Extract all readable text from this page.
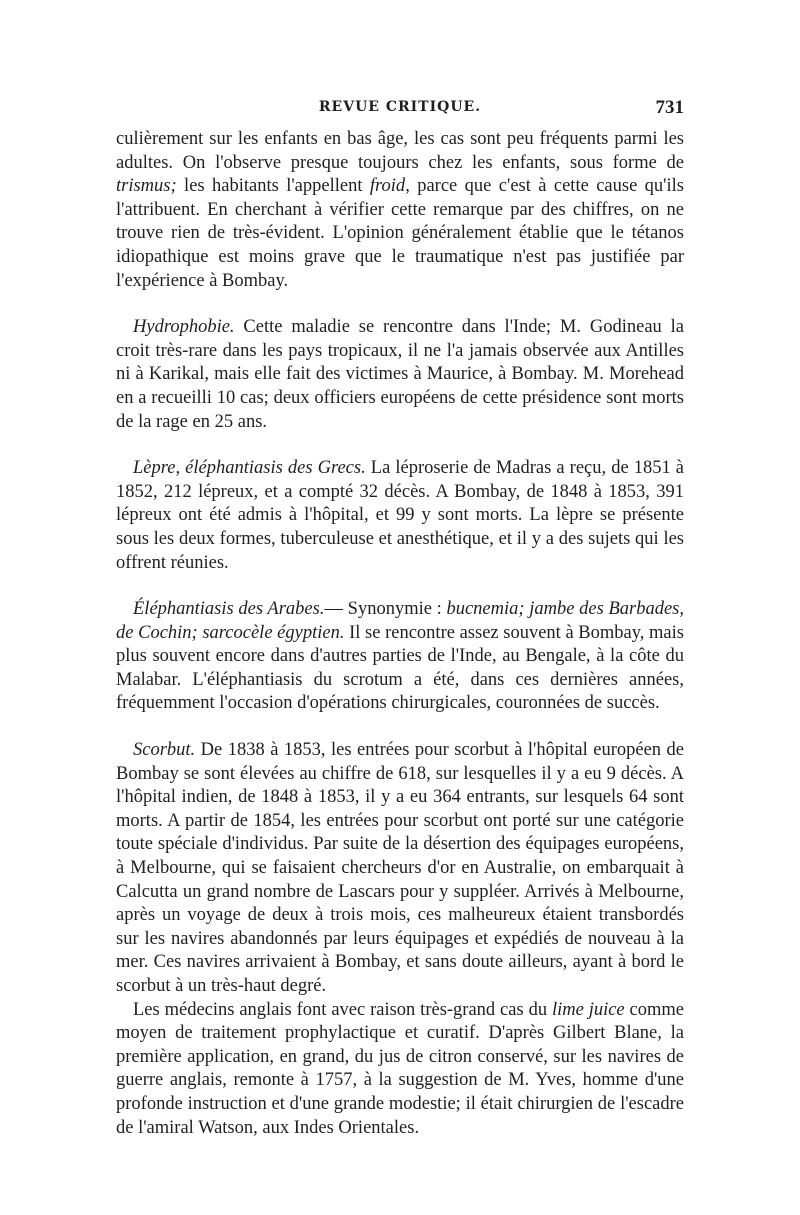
REVUE CRITIQUE.	731

culièrement sur les enfants en bas âge, les cas sont peu fréquents parmi les adultes. On l'observe presque toujours chez les enfants, sous forme de trismus; les habitants l'appellent froid, parce que c'est à cette cause qu'ils l'attribuent. En cherchant à vérifier cette remarque par des chiffres, on ne trouve rien de très-évident. L'opinion généralement établie que le tétanos idiopathique est moins grave que le traumatique n'est pas justifiée par l'expérience à Bombay.

Hydrophobie. Cette maladie se rencontre dans l'Inde; M. Godineau la croit très-rare dans les pays tropicaux, il ne l'a jamais observée aux Antilles ni à Karikal, mais elle fait des victimes à Maurice, à Bombay. M. Morehead en a recueilli 10 cas; deux officiers européens de cette présidence sont morts de la rage en 25 ans.

Lèpre, éléphantiasis des Grecs. La léproserie de Madras a reçu, de 1851 à 1852, 212 lépreux, et a compté 32 décès. A Bombay, de 1848 à 1853, 391 lépreux ont été admis à l'hôpital, et 99 y sont morts. La lèpre se présente sous les deux formes, tuberculeuse et anesthétique, et il y a des sujets qui les offrent réunies.

Éléphantiasis des Arabes.— Synonymie : bucnemia; jambe des Barbades, de Cochin; sarcocèle égyptien. Il se rencontre assez souvent à Bombay, mais plus souvent encore dans d'autres parties de l'Inde, au Bengale, à la côte du Malabar. L'éléphantiasis du scrotum a été, dans ces dernières années, fréquemment l'occasion d'opérations chirurgicales, couronnées de succès.

Scorbut. De 1838 à 1853, les entrées pour scorbut à l'hôpital européen de Bombay se sont élevées au chiffre de 618, sur lesquelles il y a eu 9 décès. A l'hôpital indien, de 1848 à 1853, il y a eu 364 entrants, sur lesquels 64 sont morts. A partir de 1854, les entrées pour scorbut ont porté sur une catégorie toute spéciale d'individus. Par suite de la désertion des équipages européens, à Melbourne, qui se faisaient chercheurs d'or en Australie, on embarquait à Calcutta un grand nombre de Lascars pour y suppléer. Arrivés à Melbourne, après un voyage de deux à trois mois, ces malheureux étaient transbordés sur les navires abandonnés par leurs équipages et expédiés de nouveau à la mer. Ces navires arrivaient à Bombay, et sans doute ailleurs, ayant à bord le scorbut à un très-haut degré.

Les médecins anglais font avec raison très-grand cas du lime juice comme moyen de traitement prophylactique et curatif. D'après Gilbert Blane, la première application, en grand, du jus de citron conservé, sur les navires de guerre anglais, remonte à 1757, à la suggestion de M. Yves, homme d'une profonde instruction et d'une grande modestie; il était chirurgien de l'escadre de l'amiral Watson, aux Indes Orientales.
